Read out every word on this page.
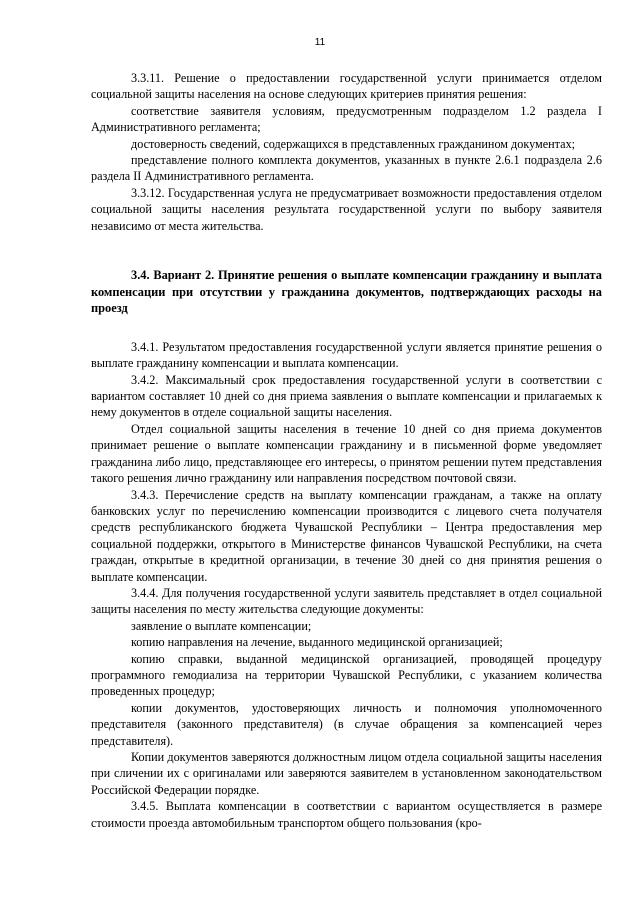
11

3.3.11. Решение о предоставлении государственной услуги принимается отделом социальной защиты населения на основе следующих критериев принятия решения:

соответствие заявителя условиям, предусмотренным подразделом 1.2 раздела I Административного регламента;

достоверность сведений, содержащихся в представленных гражданином документах;

представление полного комплекта документов, указанных в пункте 2.6.1 подраздела 2.6 раздела II Административного регламента.

3.3.12. Государственная услуга не предусматривает возможности предоставления отделом социальной защиты населения результата государственной услуги по выбору заявителя независимо от места жительства.

3.4. Вариант 2. Принятие решения о выплате компенсации гражданину и выплата компенсации при отсутствии у гражданина документов, подтверждающих расходы на проезд

3.4.1. Результатом предоставления государственной услуги является принятие решения о выплате гражданину компенсации и выплата компенсации.

3.4.2. Максимальный срок предоставления государственной услуги в соответствии с вариантом составляет 10 дней со дня приема заявления о выплате компенсации и прилагаемых к нему документов в отделе социальной защиты населения.

Отдел социальной защиты населения в течение 10 дней со дня приема документов принимает решение о выплате компенсации гражданину и в письменной форме уведомляет гражданина либо лицо, представляющее его интересы, о принятом решении путем представления такого решения лично гражданину или направления посредством почтовой связи.

3.4.3. Перечисление средств на выплату компенсации гражданам, а также на оплату банковских услуг по перечислению компенсации производится с лицевого счета получателя средств республиканского бюджета Чувашской Республики – Центра предоставления мер социальной поддержки, открытого в Министерстве финансов Чувашской Республики, на счета граждан, открытые в кредитной организации, в течение 30 дней со дня принятия решения о выплате компенсации.

3.4.4. Для получения государственной услуги заявитель представляет в отдел социальной защиты населения по месту жительства следующие документы:

заявление о выплате компенсации;

копию направления на лечение, выданного медицинской организацией;

копию справки, выданной медицинской организацией, проводящей процедуру программного гемодиализа на территории Чувашской Республики, с указанием количества проведенных процедур;

копии документов, удостоверяющих личность и полномочия уполномоченного представителя (законного представителя) (в случае обращения за компенсацией через представителя).

Копии документов заверяются должностным лицом отдела социальной защиты населения при сличении их с оригиналами или заверяются заявителем в установленном законодательством Российской Федерации порядке.

3.4.5. Выплата компенсации в соответствии с вариантом осуществляется в размере стоимости проезда автомобильным транспортом общего пользования (кро-
